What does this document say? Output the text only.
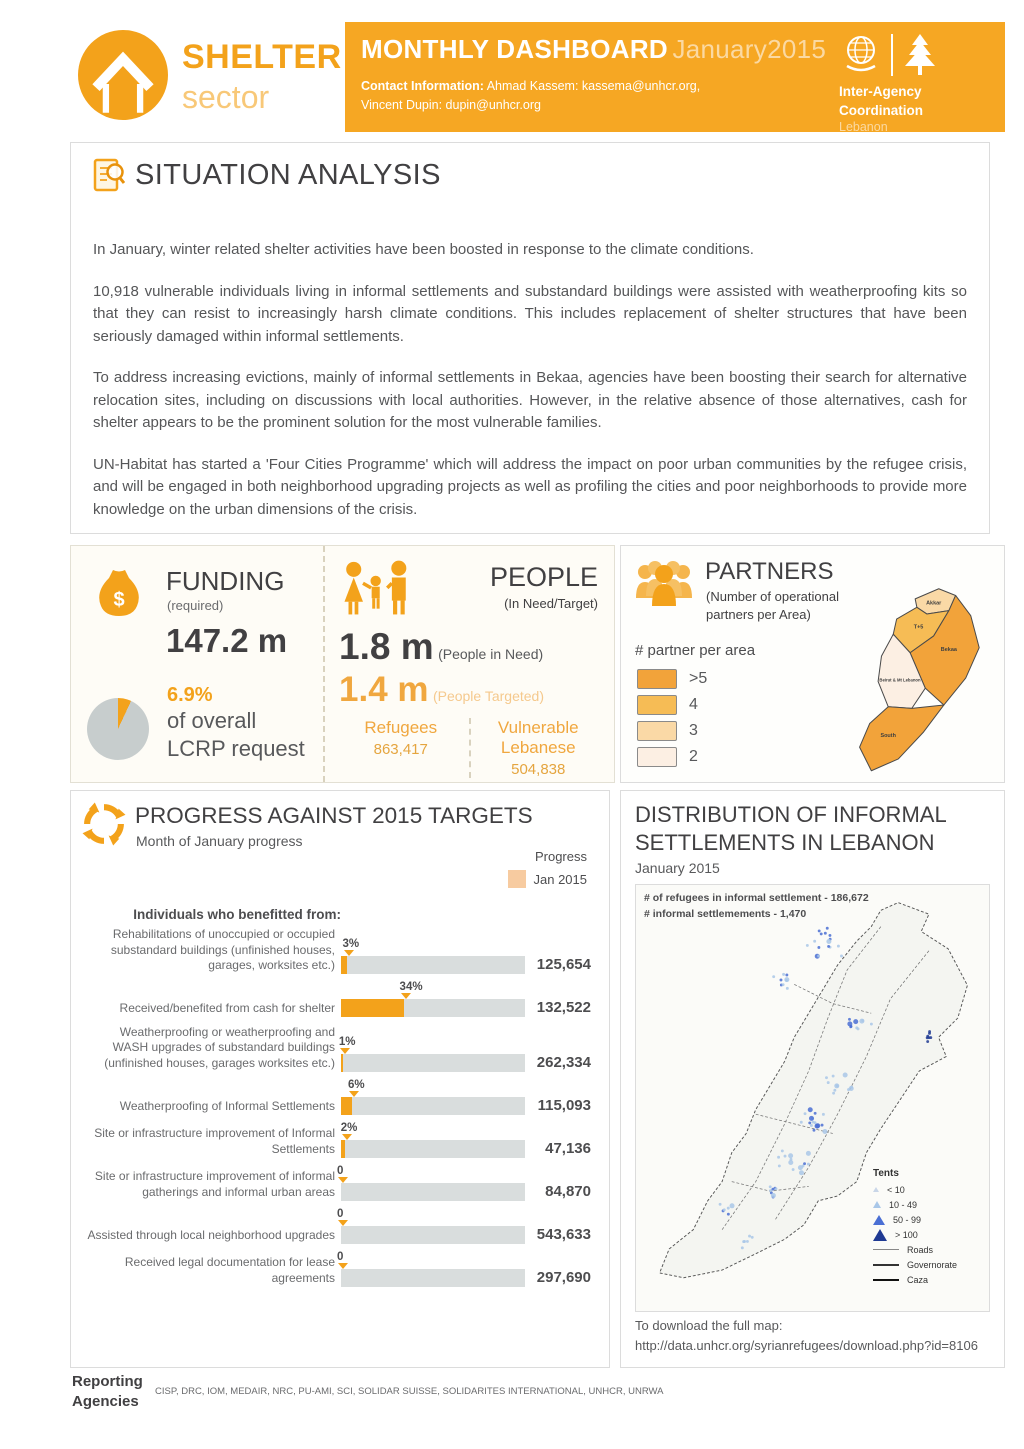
SHELTER
sector
MONTHLY DASHBOARD January2015
Contact Information: Ahmad Kassem: kassema@unhcr.org,
Vincent Dupin: dupin@unhcr.org
Inter-Agency
Coordination
Lebanon
SITUATION ANALYSIS

In January, winter related shelter activities have been boosted in response to the climate conditions.

10,918 vulnerable individuals living in informal settlements and substandard buildings were assisted with weatherproofing kits so that they can resist to increasingly harsh climate conditions. This includes replacement of shelter structures that have been seriously damaged within informal settlements.

To address increasing evictions, mainly of informal settlements in Bekaa, agencies have been boosting their search for alternative relocation sites, including on discussions with local authorities. However, in the relative absence of those alternatives, cash for shelter appears to be the prominent solution for the most vulnerable families.

UN-Habitat has started a 'Four Cities Programme' which will address the impact on poor urban communities by the refugee crisis, and will be engaged in both neighborhood upgrading projects as well as profiling the cities and poor neighborhoods to provide more knowledge on the urban dimensions of the crisis.

$
FUNDING
(required)
147.2 m
6.9%
of overall
LCRP request
PEOPLE
(In Need/Target)
1.8 m (People in Need)
1.4 m (People Targeted)
Refugees
863,417
Vulnerable Lebanese
504,838
PARTNERS
(Number of operational partners per Area)
# partner per area
>5
4
3
2
Akkar
T+5
Bekaa
Beirut & Mt Lebanon
South
PROGRESS AGAINST 2015 TARGETS
Month of January progress
Progress
Jan 2015
Individuals who benefitted from:
Rehabilitations of unoccupied or occupied substandard buildings (unfinished houses, garages, worksites etc.)
3%
125,654
Received/benefited from cash for shelter
34%
132,522
Weatherproofing or weatherproofing and WASH upgrades of substandard buildings (unfinished houses, garages worksites etc.)
1%
262,334
Weatherproofing of Informal Settlements
6%
115,093
Site or infrastructure improvement of Informal Settlements
2%
47,136
Site or infrastructure improvement of informal gatherings and informal urban areas
0
84,870
Assisted through local neighborhood upgrades
0
543,633
Received legal documentation for lease agreements
0
297,690
DISTRIBUTION OF INFORMAL SETTLEMENTS IN LEBANON
January 2015
# of refugees in informal settlement - 186,672
# informal settlemements - 1,470
Tents
< 10
10 - 49
50 - 99
> 100
Roads
Governorate
Caza
To download the full map:
http://data.unhcr.org/syrianrefugees/download.php?id=8106
Reporting
Agencies
CISP, DRC, IOM, MEDAIR, NRC, PU-AMI, SCI, SOLIDAR SUISSE, SOLIDARITES INTERNATIONAL, UNHCR, UNRWA
